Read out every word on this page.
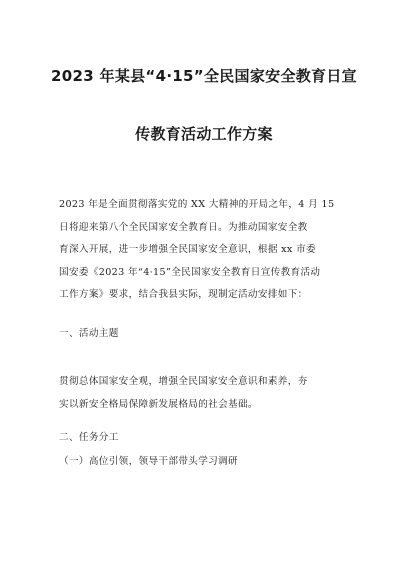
2023 年某县“4·15”全民国家安全教育日宣
传教育活动工作方案
2023 年是全面贯彻落实党的 XX 大精神的开局之年，4 月 15
日将迎来第八个全民国家安全教育日。为推动国家安全教
育深入开展，进一步增强全民国家安全意识，根据 xx 市委
国安委《2023 年“4·15”全民国家安全教育日宣传教育活动
工作方案》要求，结合我县实际，现制定活动安排如下：
一、活动主题
贯彻总体国家安全观，增强全民国家安全意识和素养，夯
实以新安全格局保障新发展格局的社会基础。
二、任务分工
（一）高位引领，领导干部带头学习调研
